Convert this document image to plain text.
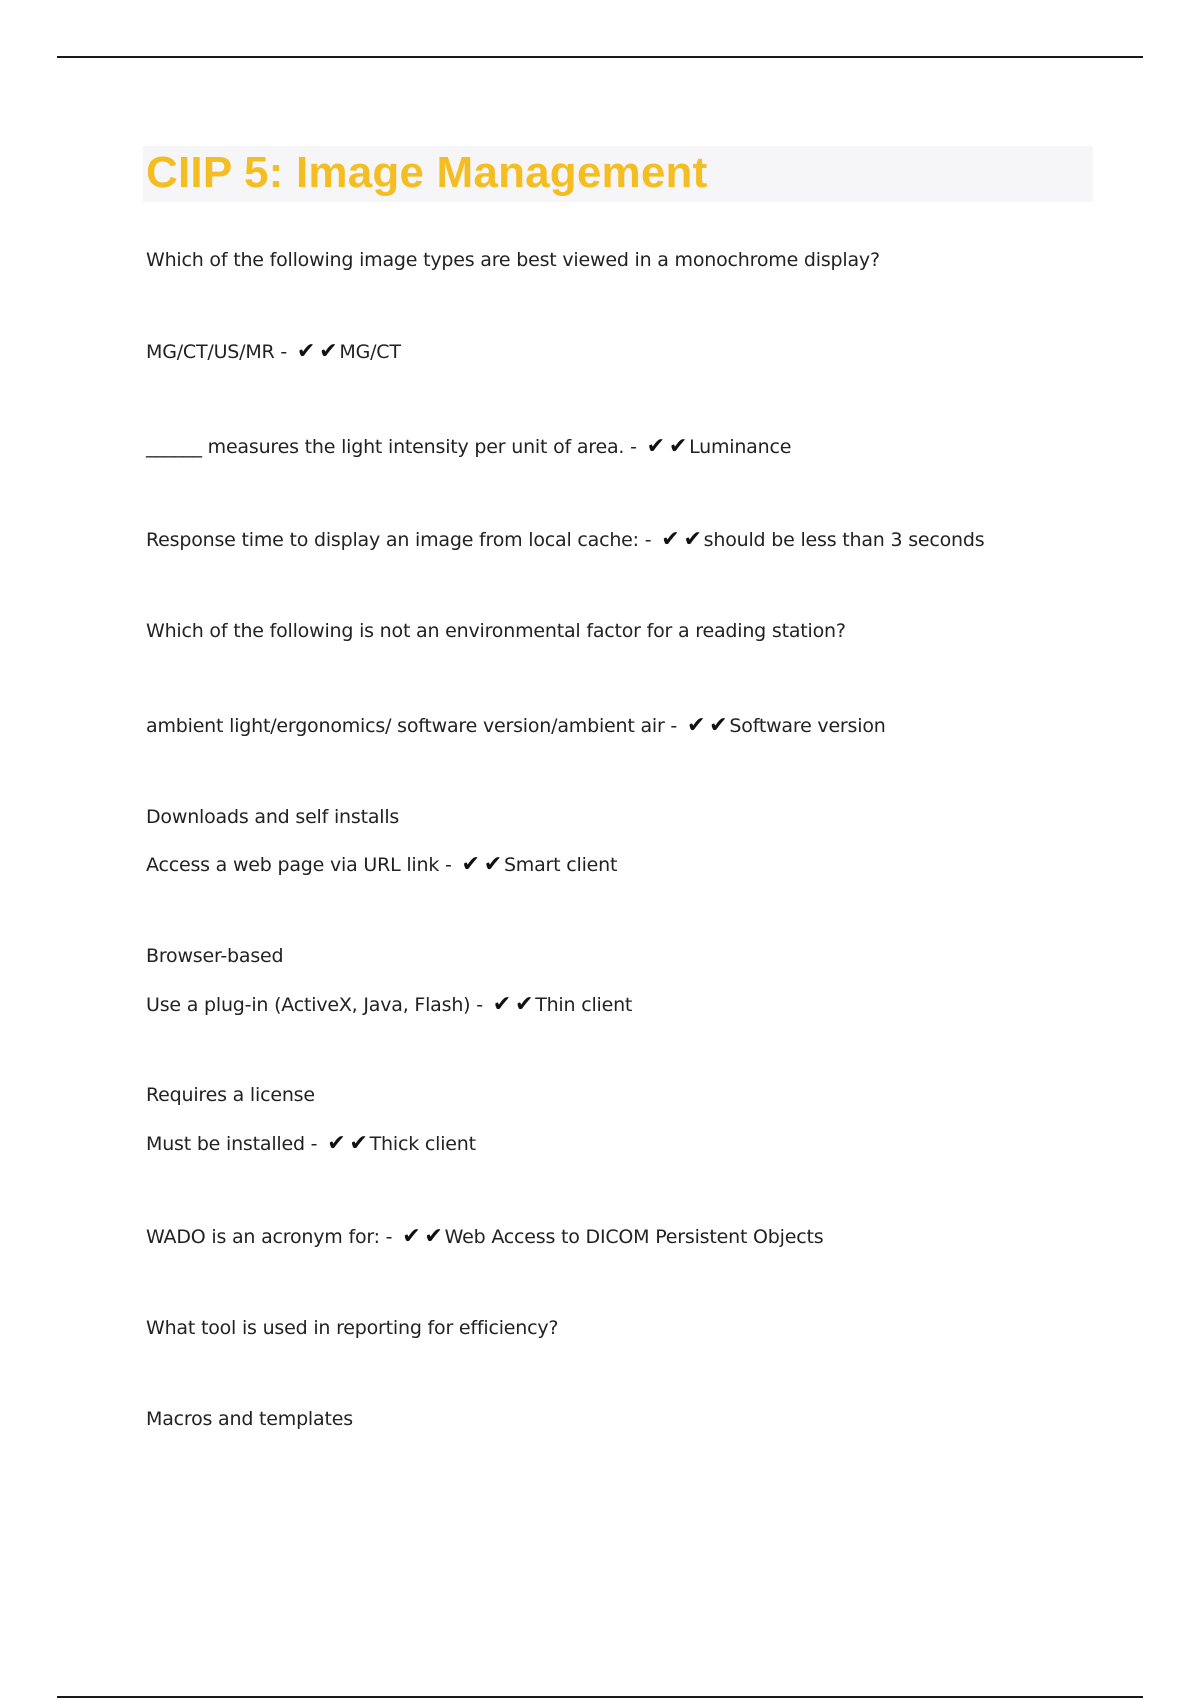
CIIP 5: Image Management

Which of the following image types are best viewed in a monochrome display?

MG/CT/US/MR - ✔ ✔ MG/CT

______ measures the light intensity per unit of area. - ✔ ✔ Luminance

Response time to display an image from local cache: - ✔ ✔ should be less than 3 seconds

Which of the following is not an environmental factor for a reading station?

ambient light/ergonomics/ software version/ambient air - ✔ ✔ Software version

Downloads and self installs

Access a web page via URL link - ✔ ✔ Smart client

Browser-based

Use a plug-in (ActiveX, Java, Flash) - ✔ ✔ Thin client

Requires a license

Must be installed - ✔ ✔ Thick client

WADO is an acronym for: - ✔ ✔ Web Access to DICOM Persistent Objects

What tool is used in reporting for efficiency?

Macros and templates
